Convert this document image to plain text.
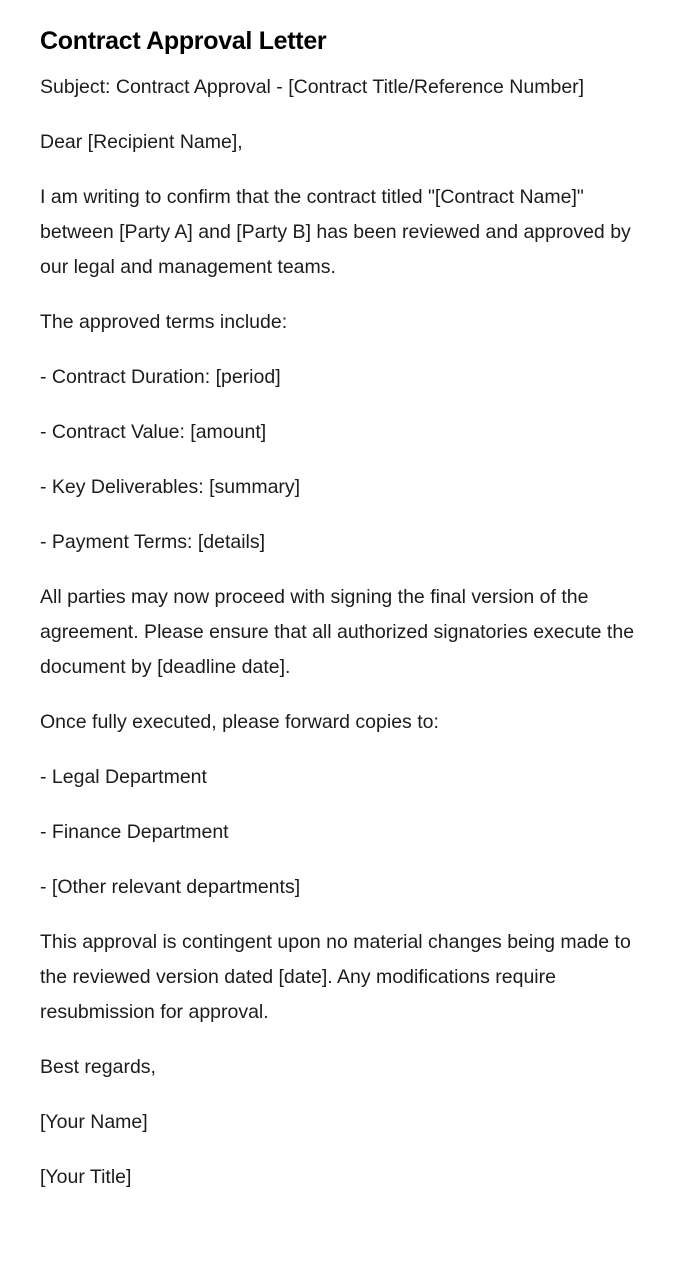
Contract Approval Letter

Subject: Contract Approval - [Contract Title/Reference Number]

Dear [Recipient Name],

I am writing to confirm that the contract titled "[Contract Name]" between [Party A] and [Party B] has been reviewed and approved by our legal and management teams.

The approved terms include:

- Contract Duration: [period]

- Contract Value: [amount]

- Key Deliverables: [summary]

- Payment Terms: [details]

All parties may now proceed with signing the final version of the agreement. Please ensure that all authorized signatories execute the document by [deadline date].

Once fully executed, please forward copies to:

- Legal Department

- Finance Department

- [Other relevant departments]

This approval is contingent upon no material changes being made to the reviewed version dated [date]. Any modifications require resubmission for approval.

Best regards,

[Your Name]

[Your Title]
